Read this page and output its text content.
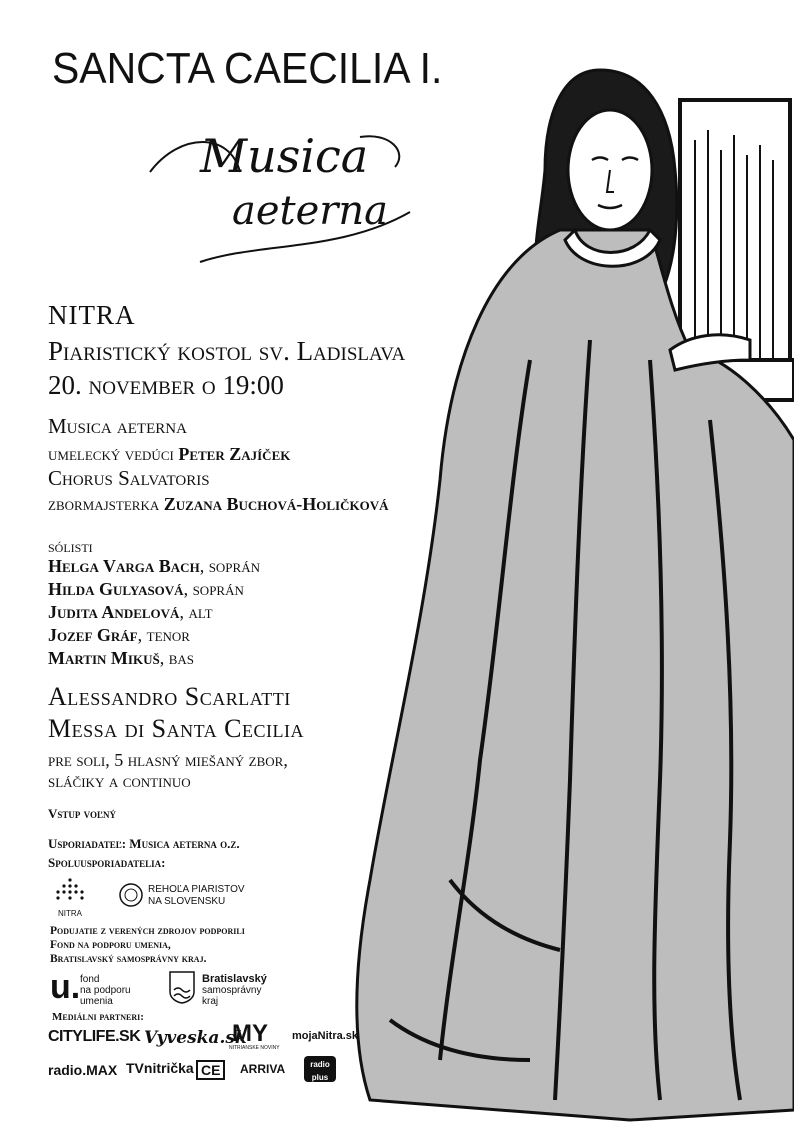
SANCTA CAECILIA I.
Musica
aeterna
NITRA
Piaristický kostol sv. Ladislava
20. november o 19:00
Musica aeterna
umelecký vedúci Peter Zajíček
Chorus Salvatoris
zbormajsterka Zuzana Buchová-Holičková
sólisti
Helga Varga Bach, soprán
Hilda Gulyasová, soprán
Judita Andelová, alt
Jozef Gráf, tenor
Martin Mikuš, bas
Alessandro Scarlatti
Messa di Santa Cecilia
pre soli, 5 hlasný miešaný zbor,
sláčiky a continuo
Vstup voľný
Usporiadateľ: Musica aeterna o.z.
Spoluusporiadatelia:
NITRA
REHOĽA PIARISTOV
NA SLOVENSKU
Podujatie z verených zdrojov podporili
Fond na podporu umenia,
Bratislavský samosprávny kraj.
u. fond
na podporu
umenia
Bratislavský
samosprávny
kraj
Mediálni partneri:
CITYLIFE.SK Vyveska.sk
MY
NITRIANSKE NOVINY
mojaNitra.sk
radio.MAX TVnitrička CE	ARRIVA	radio plus
